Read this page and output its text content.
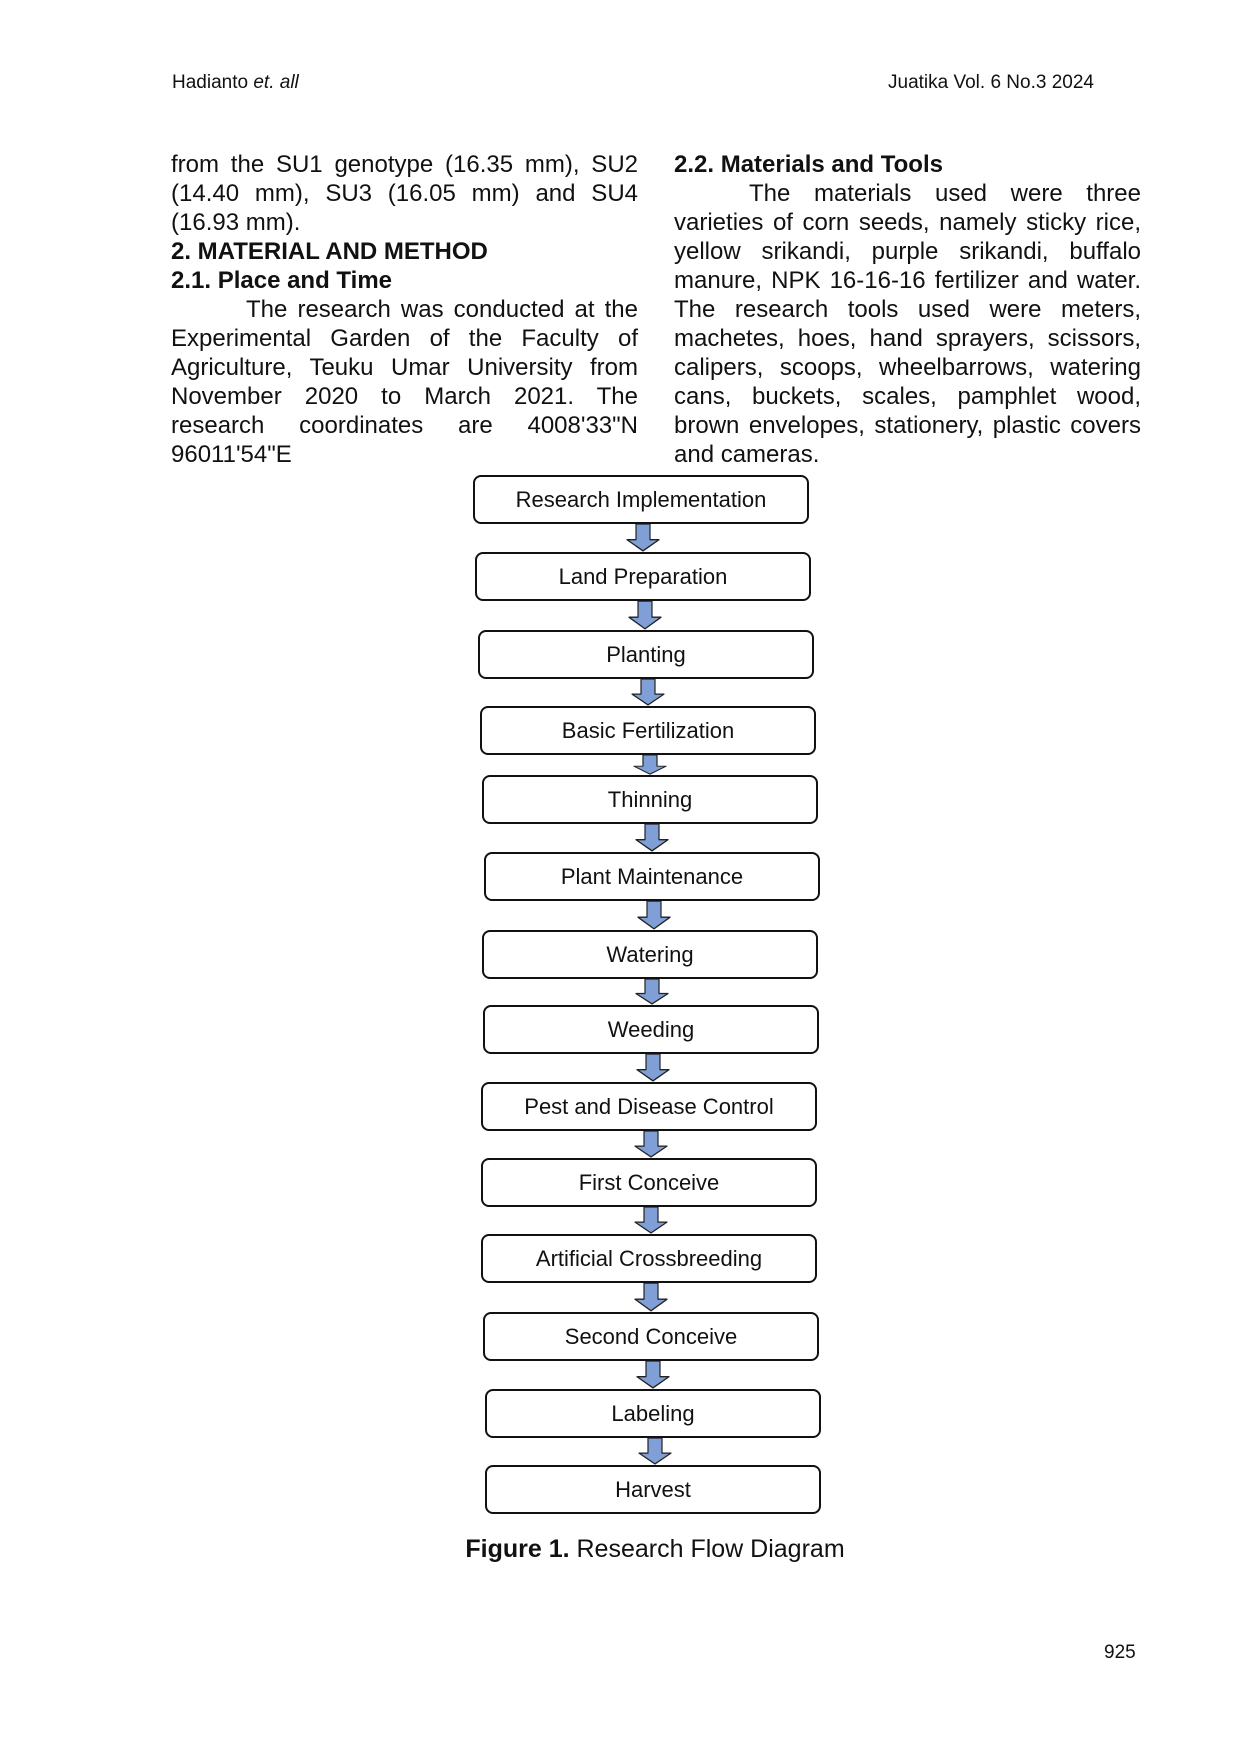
Hadianto et. all	Juatika Vol. 6 No.3 2024

from the SU1 genotype (16.35 mm), SU2 (14.40 mm), SU3 (16.05 mm) and SU4 (16.93 mm).

2. MATERIAL AND METHOD
2.1. Place and Time

The research was conducted at the Experimental Garden of the Faculty of Agriculture, Teuku Umar University from November 2020 to March 2021. The research coordinates are 4008'33"N 96011'54"E

2.2. Materials and Tools

The materials used were three varieties of corn seeds, namely sticky rice, yellow srikandi, purple srikandi, buffalo manure, NPK 16-16-16 fertilizer and water. The research tools used were meters, machetes, hoes, hand sprayers, scissors, calipers, scoops, wheelbarrows, watering cans, buckets, scales, pamphlet wood, brown envelopes, stationery, plastic covers and cameras.

Research Implementation
Land Preparation
Planting
Basic Fertilization
Thinning
Plant Maintenance
Watering
Weeding
Pest and Disease Control
First Conceive
Artificial Crossbreeding
Second Conceive
Labeling
Harvest
Figure 1. Research Flow Diagram
925
